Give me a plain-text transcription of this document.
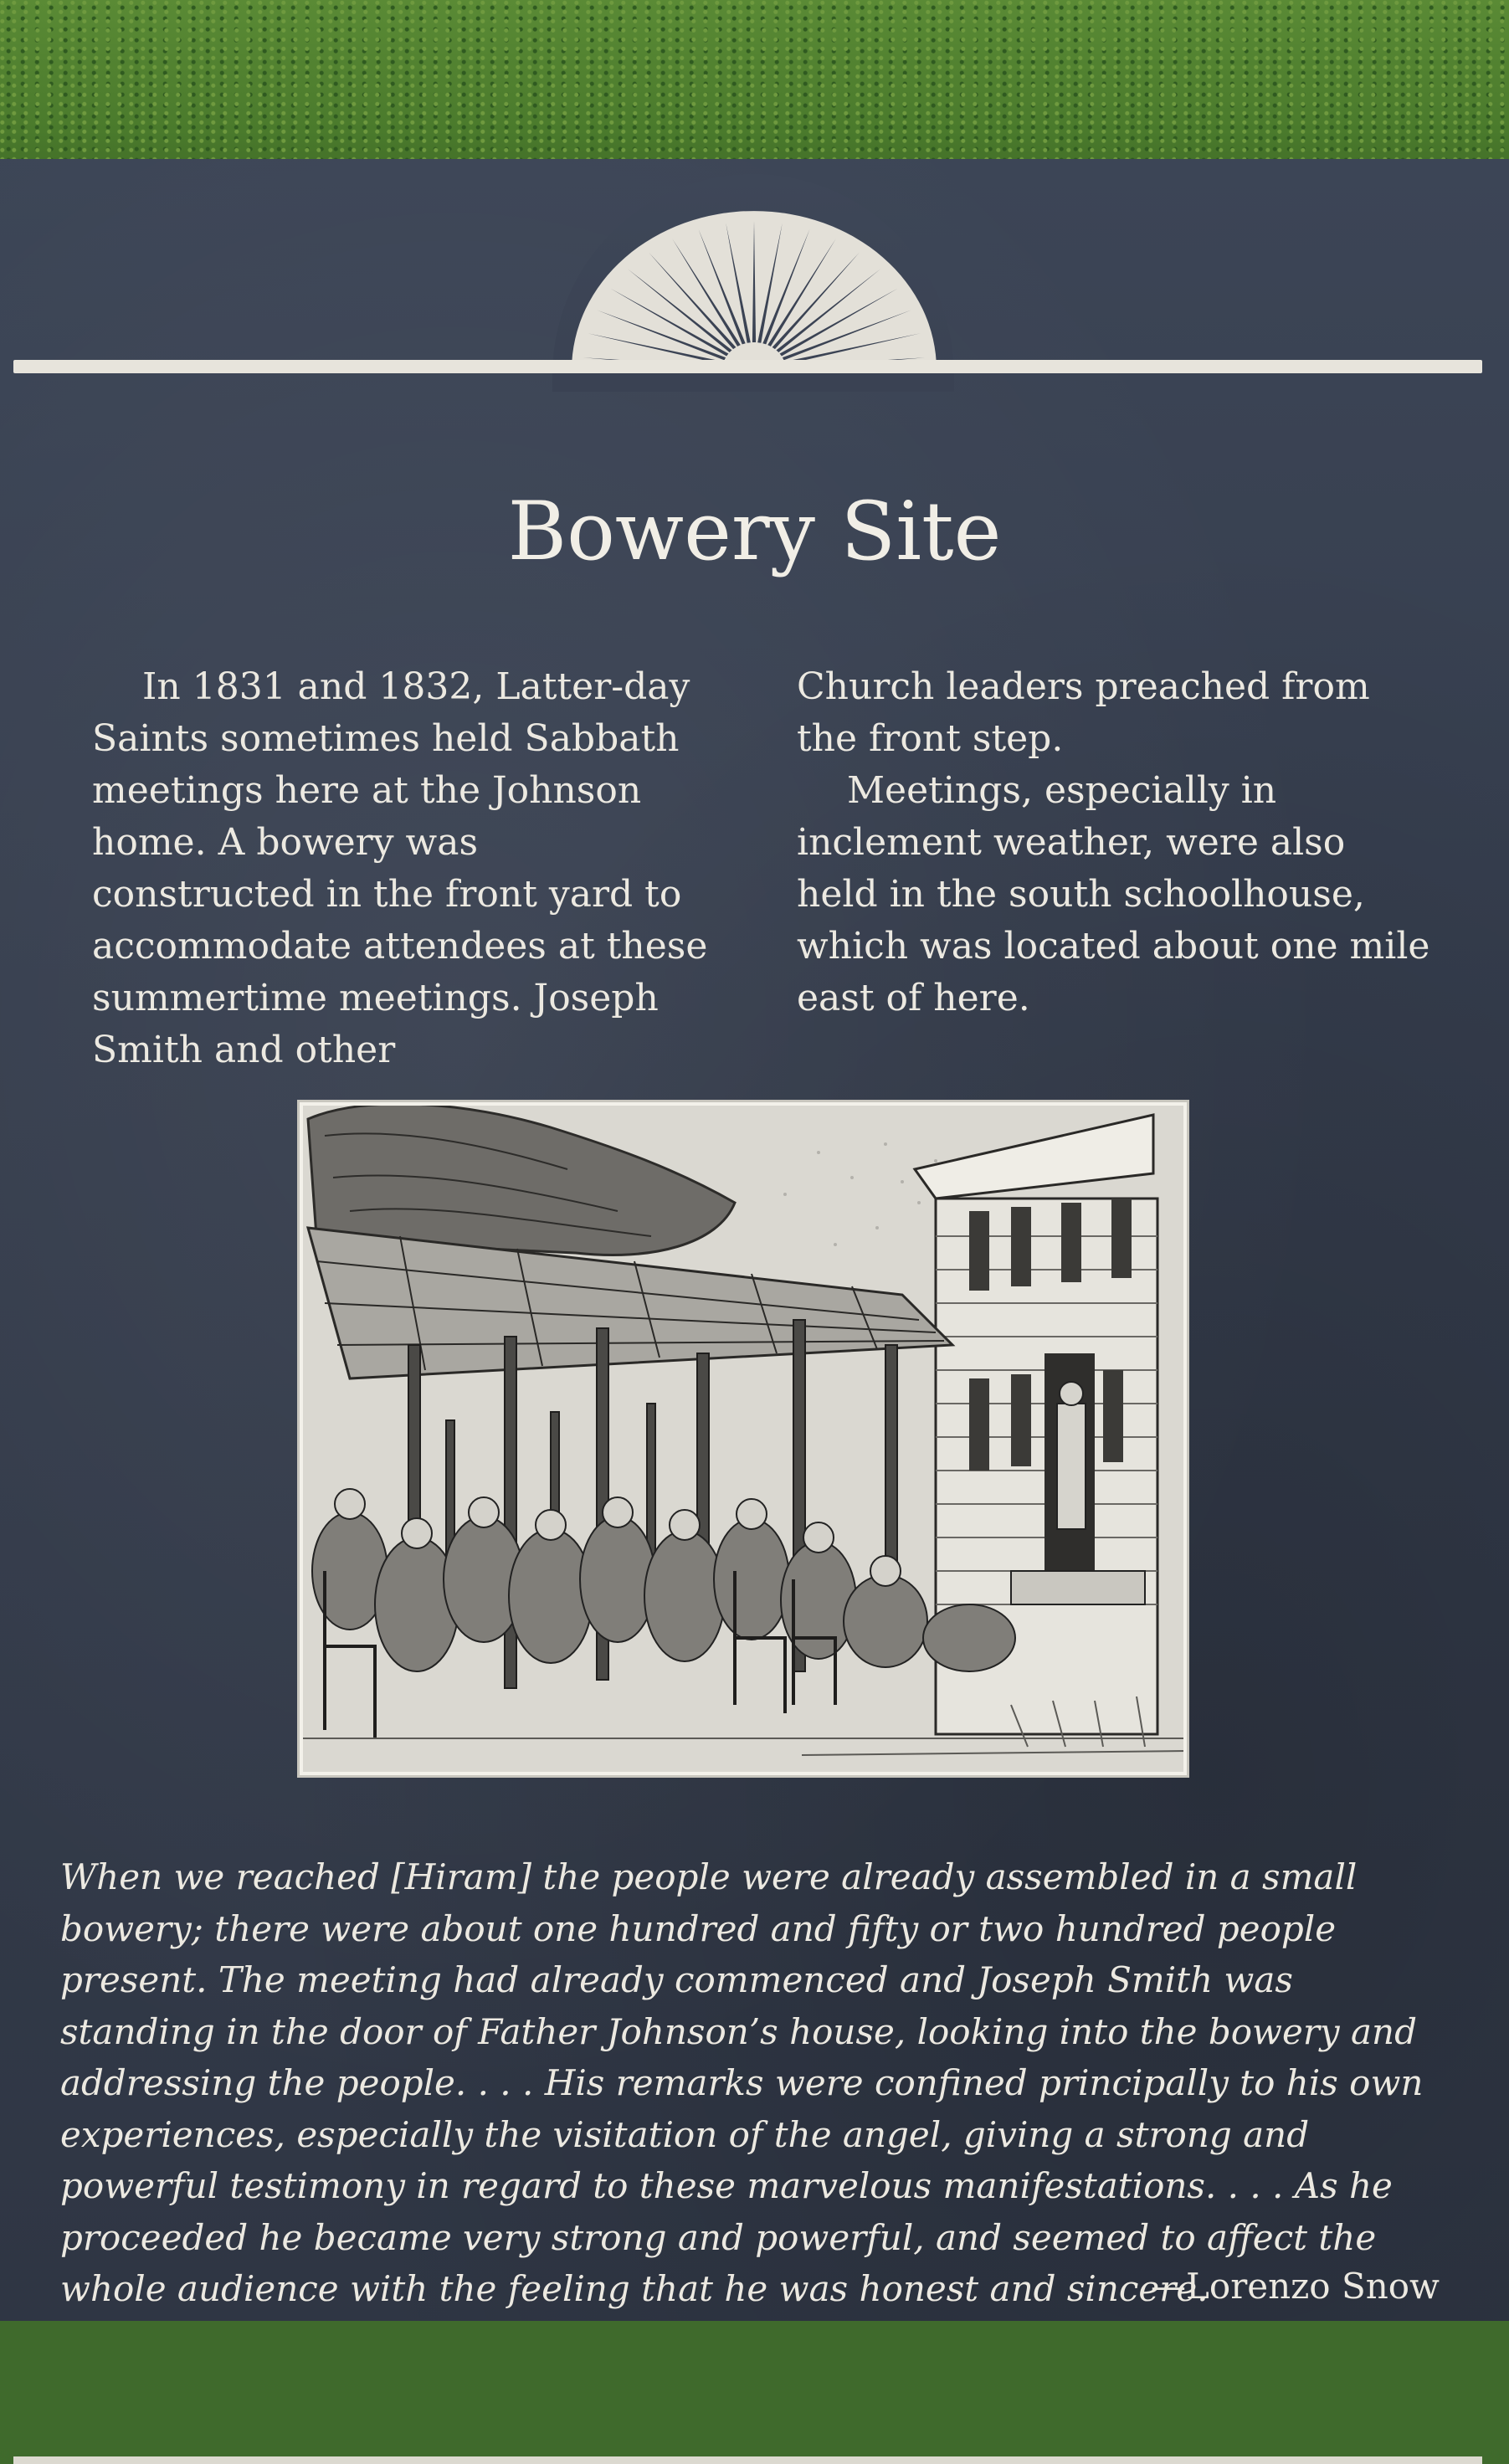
Bowery Site

In 1831 and 1832, Latter-day Saints sometimes held Sabbath meetings here at the Johnson home. A bowery was constructed in the front yard to accommodate attendees at these summertime meetings. Joseph Smith and other

Church leaders preached from the front step.

Meetings, especially in inclement weather, were also held in the south schoolhouse, which was located about one mile east of here.

When we reached [Hiram] the people were already assembled in a small bowery; there were about one hundred and fifty or two hundred people present. The meeting had already commenced and Joseph Smith was standing in the door of Father Johnson’s house, looking into the bowery and addressing the people. . . . His remarks were confined principally to his own experiences, especially the visitation of the angel, giving a strong and powerful testimony in regard to these marvelous manifestations. . . . As he proceeded he became very strong and powerful, and seemed to affect the whole audience with the feeling that he was honest and sincere.

—Lorenzo Snow
